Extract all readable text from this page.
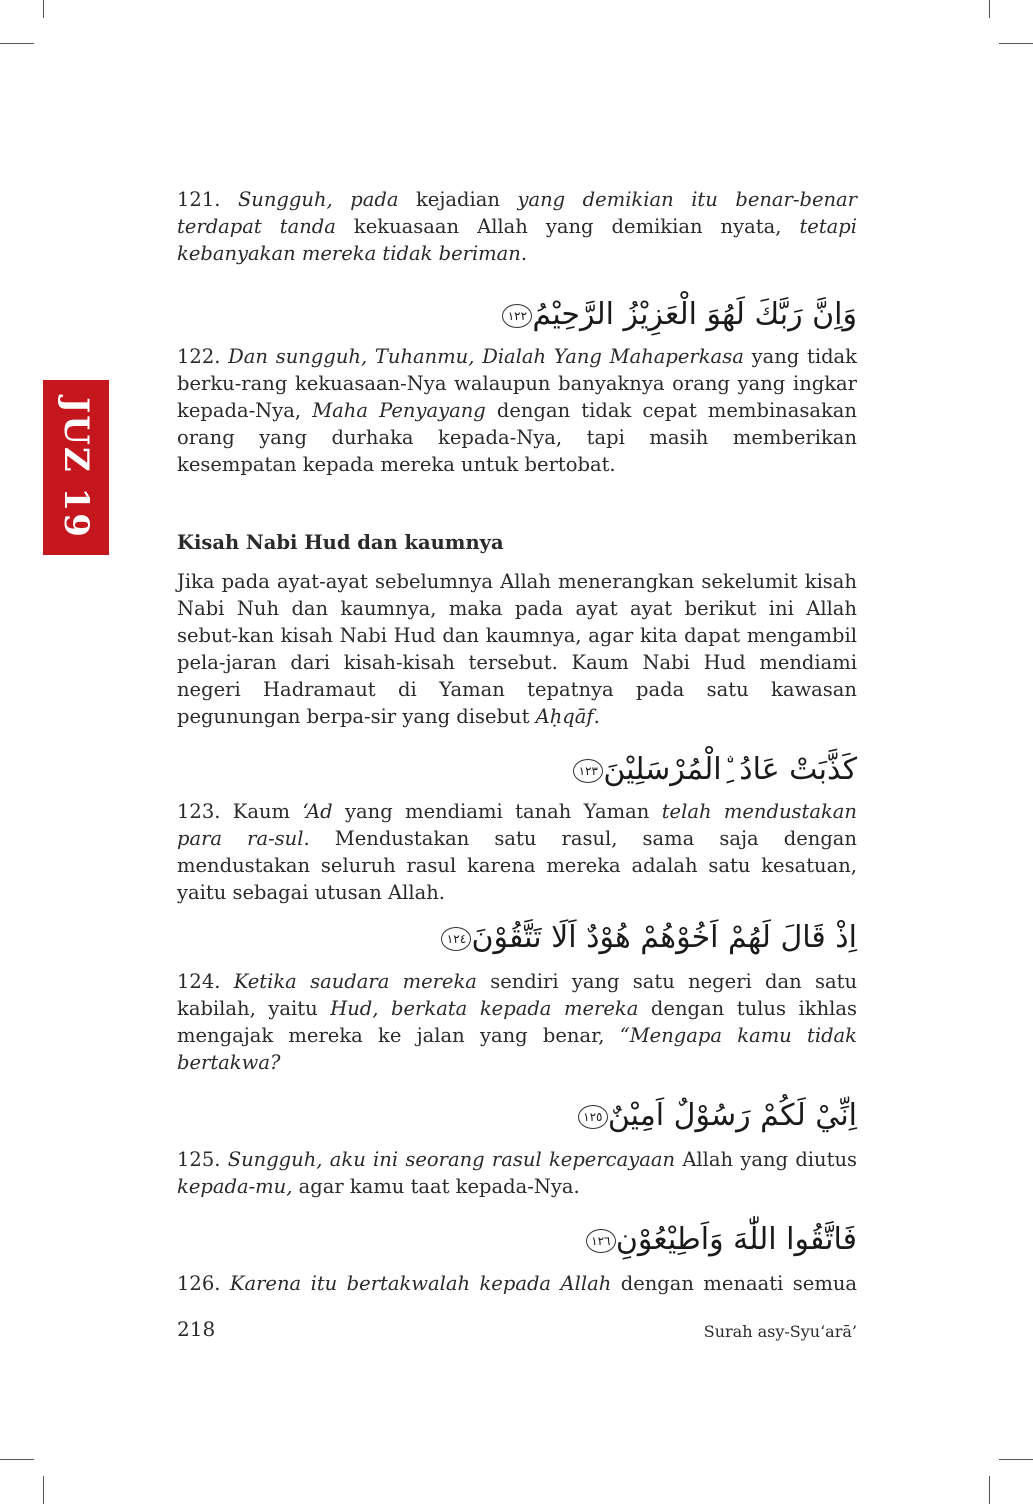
JUZ 19

121. Sungguh, pada kejadian yang demikian itu benar-benar terdapat tanda kekuasaan Allah yang demikian nyata, tetapi kebanyakan mereka tidak beriman.

وَاِنَّ رَبَّكَ لَهُوَ الْعَزِيْزُ الرَّحِيْمُ١٢٢

122. Dan sungguh, Tuhanmu, Dialah Yang Mahaperkasa yang tidak berku-rang kekuasaan-Nya walaupun banyaknya orang yang ingkar kepada-Nya, Maha Penyayang dengan tidak cepat membinasakan orang yang durhaka kepada-Nya, tapi masih memberikan kesempatan kepada mereka untuk bertobat.

Kisah Nabi Hud dan kaumnya

Jika pada ayat-ayat sebelumnya Allah menerangkan sekelumit kisah Nabi Nuh dan kaumnya, maka pada ayat ayat berikut ini Allah sebut-kan kisah Nabi Hud dan kaumnya, agar kita dapat mengambil pela-jaran dari kisah-kisah tersebut. Kaum Nabi Hud mendiami negeri Hadramaut di Yaman tepatnya pada satu kawasan pegunungan berpa-sir yang disebut Aḥqāf.

كَذَّبَتْ عَادُ ِۨالْمُرْسَلِيْنَ١٢٣

123. Kaum ‘Ad yang mendiami tanah Yaman telah mendustakan para ra-sul. Mendustakan satu rasul, sama saja dengan mendustakan seluruh rasul karena mereka adalah satu kesatuan, yaitu sebagai utusan Allah.

اِذْ قَالَ لَهُمْ اَخُوْهُمْ هُوْدٌ اَلَا تَتَّقُوْنَ١٢٤

124. Ketika saudara mereka sendiri yang satu negeri dan satu kabilah, yaitu Hud, berkata kepada mereka dengan tulus ikhlas mengajak mereka ke jalan yang benar, “Mengapa kamu tidak bertakwa?

اِنِّيْ لَكُمْ رَسُوْلٌ اَمِيْنٌ١٢٥

125. Sungguh, aku ini seorang rasul kepercayaan Allah yang diutus kepada-mu, agar kamu taat kepada-Nya.

فَاتَّقُوا اللّٰهَ وَاَطِيْعُوْنِ١٢٦

126. Karena itu bertakwalah kepada Allah dengan menaati semua

218	Surah asy-Syu‘arā’
